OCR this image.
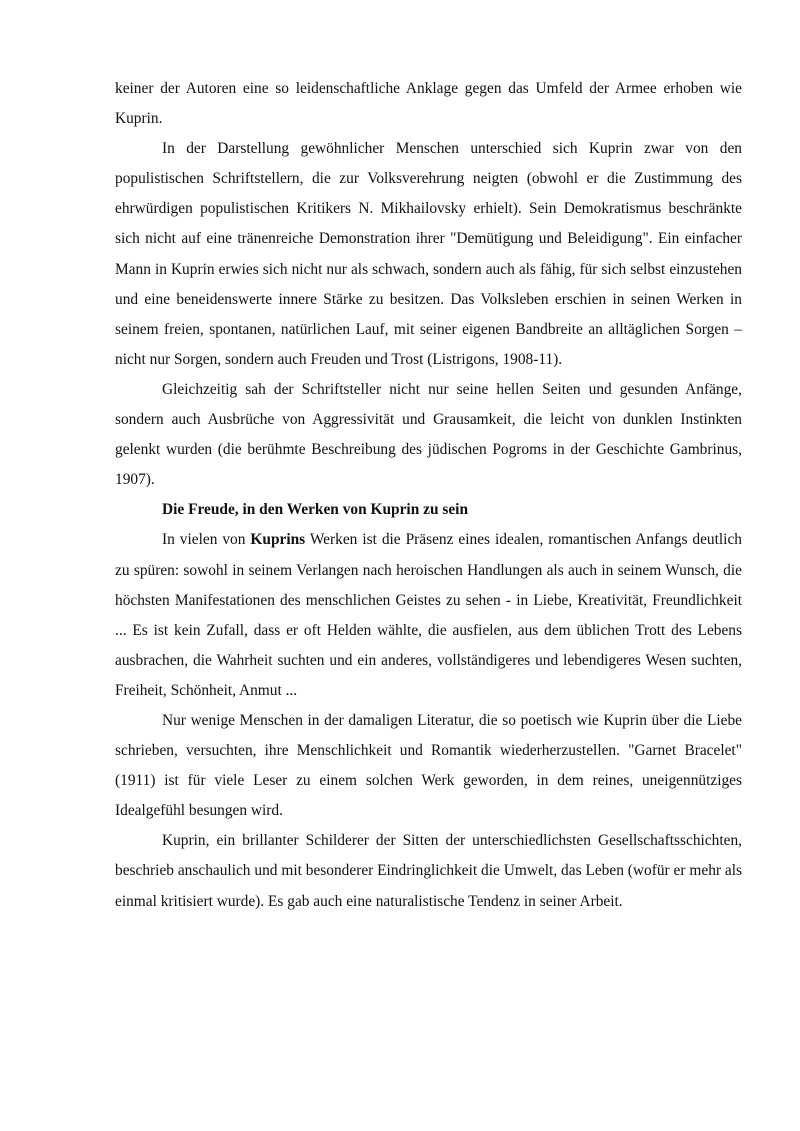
keiner der Autoren eine so leidenschaftliche Anklage gegen das Umfeld der Armee erhoben wie Kuprin.

In der Darstellung gewöhnlicher Menschen unterschied sich Kuprin zwar von den populistischen Schriftstellern, die zur Volksverehrung neigten (obwohl er die Zustimmung des ehrwürdigen populistischen Kritikers N. Mikhailovsky erhielt). Sein Demokratismus beschränkte sich nicht auf eine tränenreiche Demonstration ihrer "Demütigung und Beleidigung". Ein einfacher Mann in Kuprin erwies sich nicht nur als schwach, sondern auch als fähig, für sich selbst einzustehen und eine beneidenswerte innere Stärke zu besitzen. Das Volksleben erschien in seinen Werken in seinem freien, spontanen, natürlichen Lauf, mit seiner eigenen Bandbreite an alltäglichen Sorgen – nicht nur Sorgen, sondern auch Freuden und Trost (Listrigons, 1908-11).

Gleichzeitig sah der Schriftsteller nicht nur seine hellen Seiten und gesunden Anfänge, sondern auch Ausbrüche von Aggressivität und Grausamkeit, die leicht von dunklen Instinkten gelenkt wurden (die berühmte Beschreibung des jüdischen Pogroms in der Geschichte Gambrinus, 1907).

Die Freude, in den Werken von Kuprin zu sein

In vielen von Kuprins Werken ist die Präsenz eines idealen, romantischen Anfangs deutlich zu spüren: sowohl in seinem Verlangen nach heroischen Handlungen als auch in seinem Wunsch, die höchsten Manifestationen des menschlichen Geistes zu sehen - in Liebe, Kreativität, Freundlichkeit ... Es ist kein Zufall, dass er oft Helden wählte, die ausfielen, aus dem üblichen Trott des Lebens ausbrachen, die Wahrheit suchten und ein anderes, vollständigeres und lebendigeres Wesen suchten, Freiheit, Schönheit, Anmut ...

Nur wenige Menschen in der damaligen Literatur, die so poetisch wie Kuprin über die Liebe schrieben, versuchten, ihre Menschlichkeit und Romantik wiederherzustellen. "Garnet Bracelet" (1911) ist für viele Leser zu einem solchen Werk geworden, in dem reines, uneigennütziges Idealgefühl besungen wird.

Kuprin, ein brillanter Schilderer der Sitten der unterschiedlichsten Gesellschaftsschichten, beschrieb anschaulich und mit besonderer Eindringlichkeit die Umwelt, das Leben (wofür er mehr als einmal kritisiert wurde). Es gab auch eine naturalistische Tendenz in seiner Arbeit.
